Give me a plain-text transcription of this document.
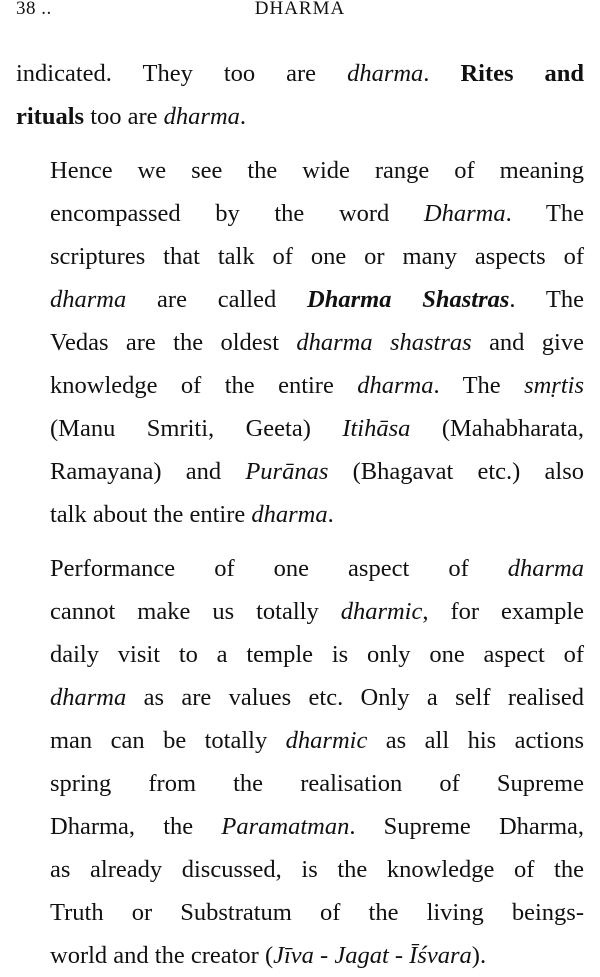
38 ..	DHARMA
indicated. They too are dharma. Rites and
rituals too are dharma.
Hence we see the wide range of meaning
encompassed by the word Dharma. The
scriptures that talk of one or many aspects of
dharma are called Dharma Shastras. The
Vedas are the oldest dharma shastras and give
knowledge of the entire dharma. The smṛtis
(Manu Smriti, Geeta) Itihāsa (Mahabharata,
Ramayana) and Purānas (Bhagavat etc.) also
talk about the entire dharma.
Performance of one aspect of dharma
cannot make us totally dharmic, for example
daily visit to a temple is only one aspect of
dharma as are values etc. Only a self realised
man can be totally dharmic as all his actions
spring from the realisation of Supreme
Dharma, the Paramatman. Supreme Dharma,
as already discussed, is the knowledge of the
Truth or Substratum of the living beings-
world and the creator (Jīva - Jagat - Īśvara).
